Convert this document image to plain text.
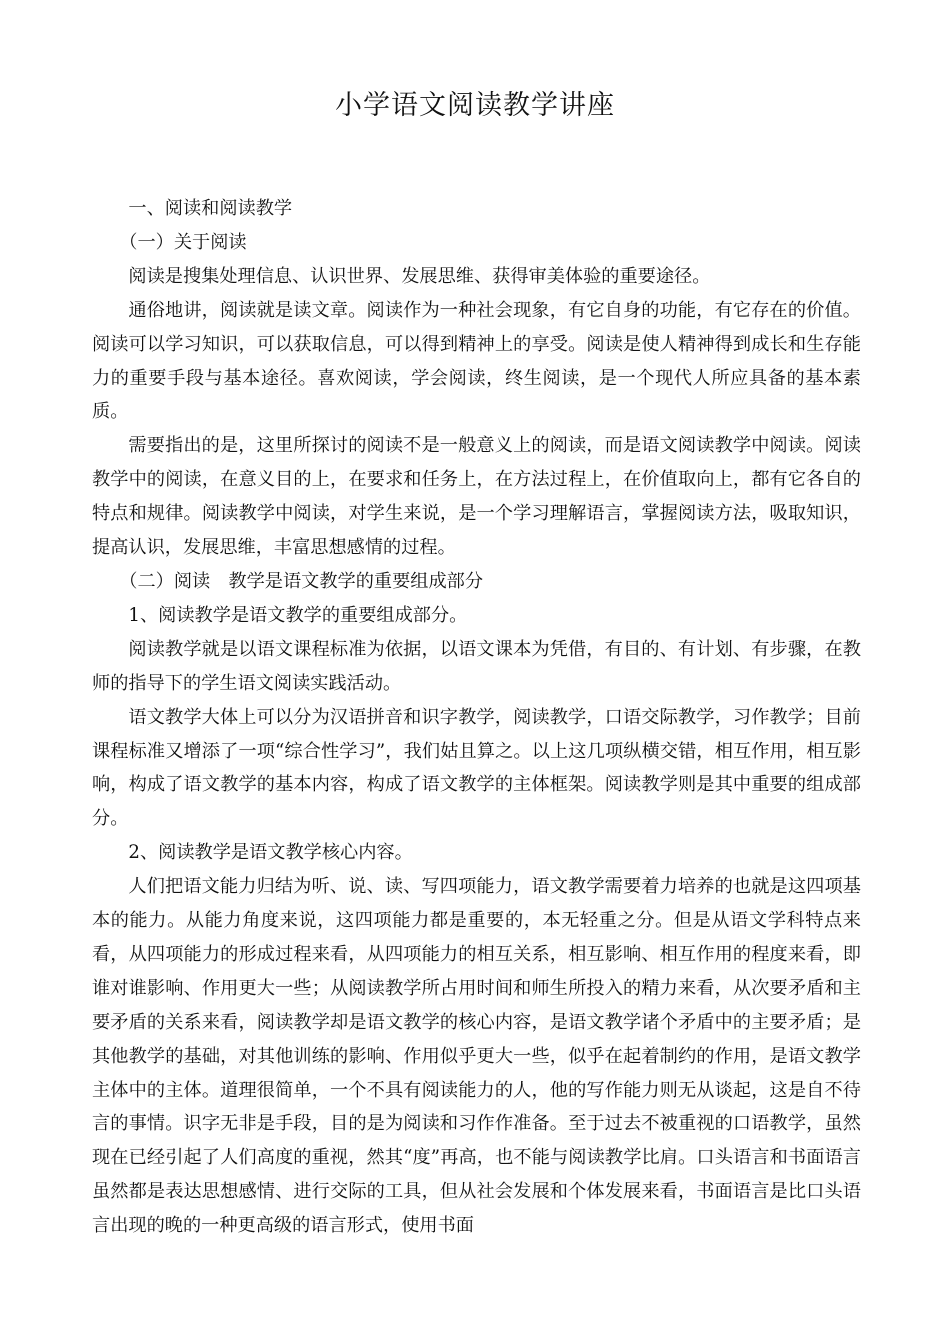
小学语文阅读教学讲座

一、阅读和阅读教学

（一）关于阅读

阅读是搜集处理信息、认识世界、发展思维、获得审美体验的重要途径。

通俗地讲，阅读就是读文章。阅读作为一种社会现象，有它自身的功能，有它存在的价值。阅读可以学习知识，可以获取信息，可以得到精神上的享受。阅读是使人精神得到成长和生存能力的重要手段与基本途径。喜欢阅读，学会阅读，终生阅读，是一个现代人所应具备的基本素质。

需要指出的是，这里所探讨的阅读不是一般意义上的阅读，而是语文阅读教学中阅读。阅读教学中的阅读，在意义目的上，在要求和任务上，在方法过程上，在价值取向上，都有它各自的特点和规律。阅读教学中阅读，对学生来说，是一个学习理解语言，掌握阅读方法，吸取知识，提高认识，发展思维，丰富思想感情的过程。

（二）阅读　教学是语文教学的重要组成部分

1、阅读教学是语文教学的重要组成部分。

阅读教学就是以语文课程标准为依据，以语文课本为凭借，有目的、有计划、有步骤，在教师的指导下的学生语文阅读实践活动。

语文教学大体上可以分为汉语拼音和识字教学，阅读教学，口语交际教学，习作教学；目前课程标准又增添了一项“综合性学习”，我们姑且算之。以上这几项纵横交错，相互作用，相互影响，构成了语文教学的基本内容，构成了语文教学的主体框架。阅读教学则是其中重要的组成部分。

2、阅读教学是语文教学核心内容。

人们把语文能力归结为听、说、读、写四项能力，语文教学需要着力培养的也就是这四项基本的能力。从能力角度来说，这四项能力都是重要的，本无轻重之分。但是从语文学科特点来看，从四项能力的形成过程来看，从四项能力的相互关系，相互影响、相互作用的程度来看，即谁对谁影响、作用更大一些；从阅读教学所占用时间和师生所投入的精力来看，从次要矛盾和主要矛盾的关系来看，阅读教学却是语文教学的核心内容，是语文教学诸个矛盾中的主要矛盾；是其他教学的基础，对其他训练的影响、作用似乎更大一些，似乎在起着制约的作用，是语文教学主体中的主体。道理很简单，一个不具有阅读能力的人，他的写作能力则无从谈起，这是自不待言的事情。识字无非是手段，目的是为阅读和习作作准备。至于过去不被重视的口语教学，虽然现在已经引起了人们高度的重视，然其“度”再高，也不能与阅读教学比肩。口头语言和书面语言虽然都是表达思想感情、进行交际的工具，但从社会发展和个体发展来看，书面语言是比口头语言出现的晚的一种更高级的语言形式，使用书面
